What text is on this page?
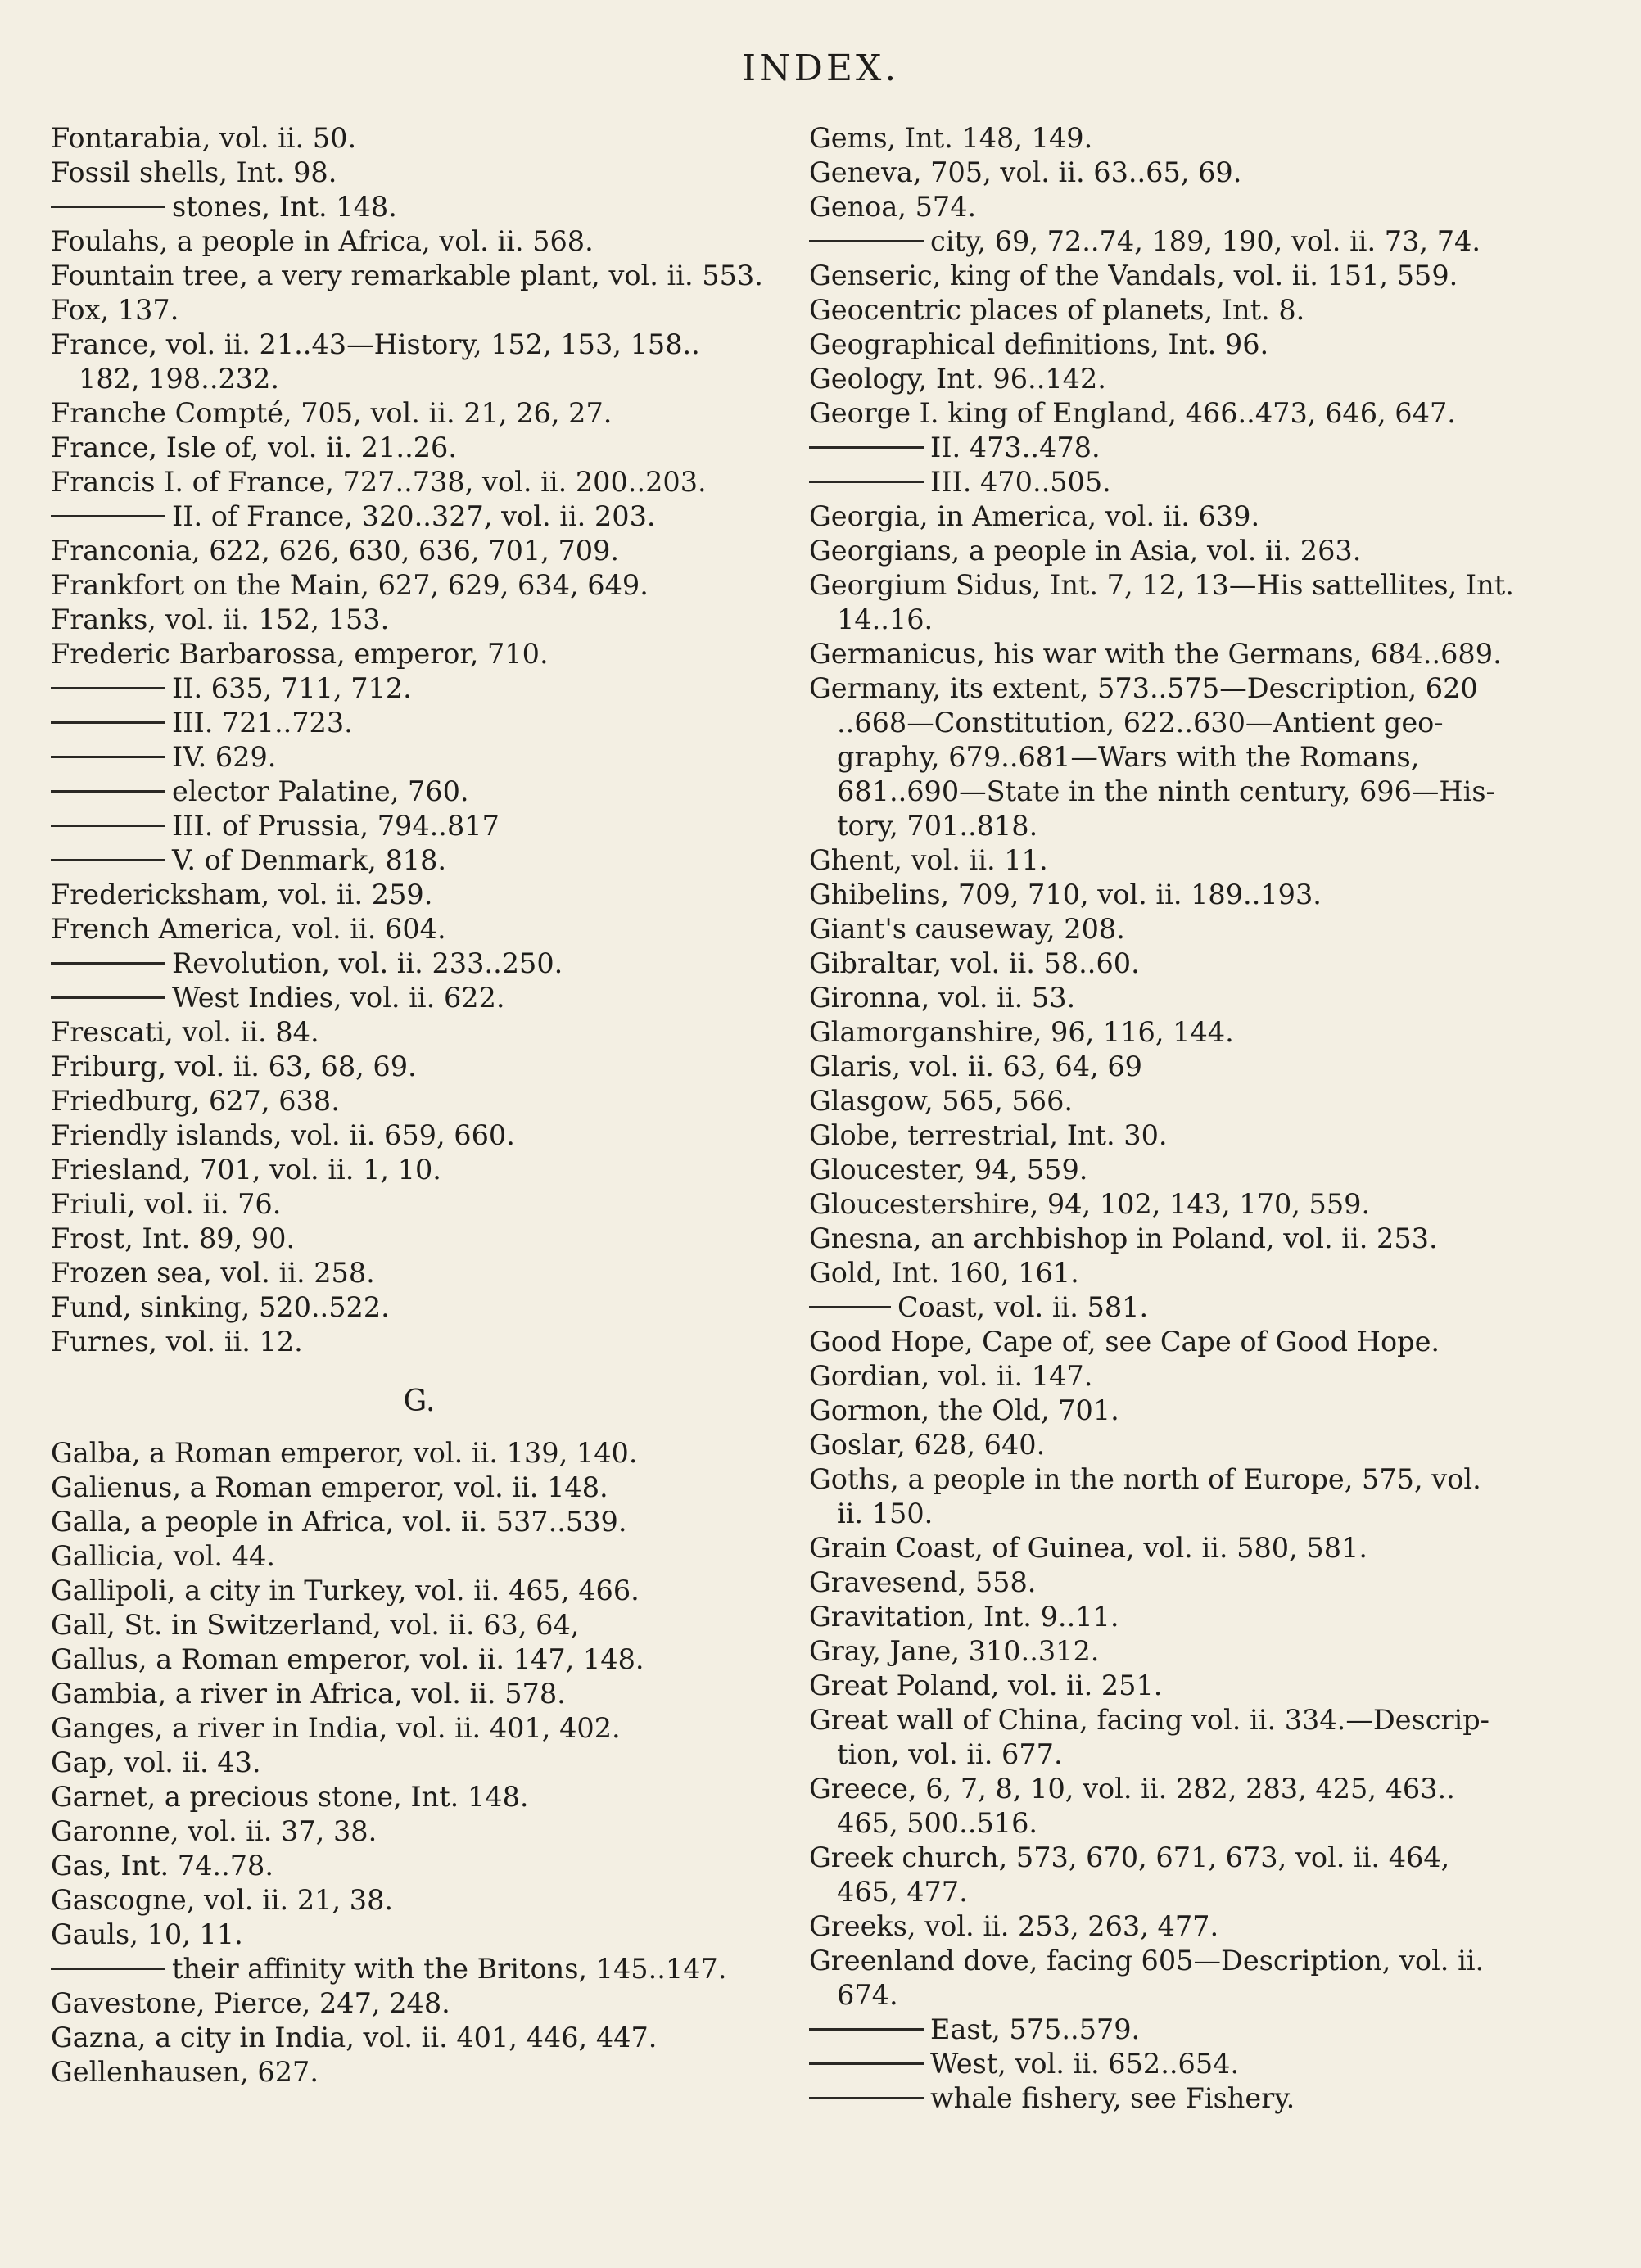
INDEX.
Fontarabia, vol. ii. 50.
Fossil shells, Int. 98.
stones, Int. 148.
Foulahs, a people in Africa, vol. ii. 568.
Fountain tree, a very remarkable plant, vol. ii. 553.
Fox, 137.
France, vol. ii. 21..43—History, 152, 153, 158..
182, 198..232.
Franche Compté, 705, vol. ii. 21, 26, 27.
France, Isle of, vol. ii. 21..26.
Francis I. of France, 727..738, vol. ii. 200..203.
II. of France, 320..327, vol. ii. 203.
Franconia, 622, 626, 630, 636, 701, 709.
Frankfort on the Main, 627, 629, 634, 649.
Franks, vol. ii. 152, 153.
Frederic Barbarossa, emperor, 710.
II. 635, 711, 712.
III. 721..723.
IV. 629.
elector Palatine, 760.
III. of Prussia, 794..817
V. of Denmark, 818.
Fredericksham, vol. ii. 259.
French America, vol. ii. 604.
Revolution, vol. ii. 233..250.
West Indies, vol. ii. 622.
Frescati, vol. ii. 84.
Friburg, vol. ii. 63, 68, 69.
Friedburg, 627, 638.
Friendly islands, vol. ii. 659, 660.
Friesland, 701, vol. ii. 1, 10.
Friuli, vol. ii. 76.
Frost, Int. 89, 90.
Frozen sea, vol. ii. 258.
Fund, sinking, 520..522.
Furnes, vol. ii. 12.
G.
Galba, a Roman emperor, vol. ii. 139, 140.
Galienus, a Roman emperor, vol. ii. 148.
Galla, a people in Africa, vol. ii. 537..539.
Gallicia, vol. 44.
Gallipoli, a city in Turkey, vol. ii. 465, 466.
Gall, St. in Switzerland, vol. ii. 63, 64,
Gallus, a Roman emperor, vol. ii. 147, 148.
Gambia, a river in Africa, vol. ii. 578.
Ganges, a river in India, vol. ii. 401, 402.
Gap, vol. ii. 43.
Garnet, a precious stone, Int. 148.
Garonne, vol. ii. 37, 38.
Gas, Int. 74..78.
Gascogne, vol. ii. 21, 38.
Gauls, 10, 11.
their affinity with the Britons, 145..147.
Gavestone, Pierce, 247, 248.
Gazna, a city in India, vol. ii. 401, 446, 447.
Gellenhausen, 627.
Gems, Int. 148, 149.
Geneva, 705, vol. ii. 63..65, 69.
Genoa, 574.
city, 69, 72..74, 189, 190, vol. ii. 73, 74.
Genseric, king of the Vandals, vol. ii. 151, 559.
Geocentric places of planets, Int. 8.
Geographical definitions, Int. 96.
Geology, Int. 96..142.
George I. king of England, 466..473, 646, 647.
II. 473..478.
III. 470..505.
Georgia, in America, vol. ii. 639.
Georgians, a people in Asia, vol. ii. 263.
Georgium Sidus, Int. 7, 12, 13—His sattellites, Int.
14..16.
Germanicus, his war with the Germans, 684..689.
Germany, its extent, 573..575—Description, 620
..668—Constitution, 622..630—Antient geo-
graphy, 679..681—Wars with the Romans,
681..690—State in the ninth century, 696—His-
tory, 701..818.
Ghent, vol. ii. 11.
Ghibelins, 709, 710, vol. ii. 189..193.
Giant's causeway, 208.
Gibraltar, vol. ii. 58..60.
Gironna, vol. ii. 53.
Glamorganshire, 96, 116, 144.
Glaris, vol. ii. 63, 64, 69
Glasgow, 565, 566.
Globe, terrestrial, Int. 30.
Gloucester, 94, 559.
Gloucestershire, 94, 102, 143, 170, 559.
Gnesna, an archbishop in Poland, vol. ii. 253.
Gold, Int. 160, 161.
Coast, vol. ii. 581.
Good Hope, Cape of, see Cape of Good Hope.
Gordian, vol. ii. 147.
Gormon, the Old, 701.
Goslar, 628, 640.
Goths, a people in the north of Europe, 575, vol.
ii. 150.
Grain Coast, of Guinea, vol. ii. 580, 581.
Gravesend, 558.
Gravitation, Int. 9..11.
Gray, Jane, 310..312.
Great Poland, vol. ii. 251.
Great wall of China, facing vol. ii. 334.—Descrip-
tion, vol. ii. 677.
Greece, 6, 7, 8, 10, vol. ii. 282, 283, 425, 463..
465, 500..516.
Greek church, 573, 670, 671, 673, vol. ii. 464,
465, 477.
Greeks, vol. ii. 253, 263, 477.
Greenland dove, facing 605—Description, vol. ii.
674.
East, 575..579.
West, vol. ii. 652..654.
whale fishery, see Fishery.
